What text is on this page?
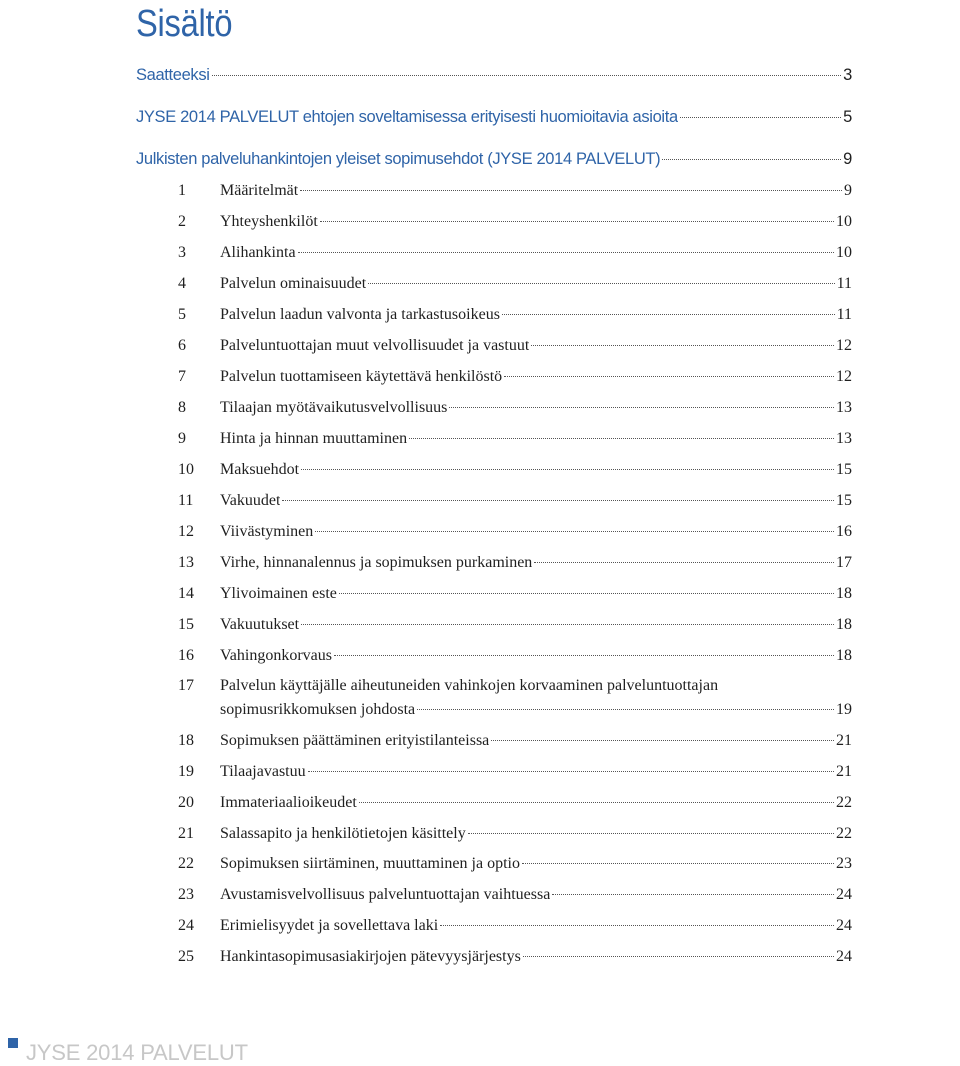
Sisältö
Saatteeksi	3
JYSE 2014 PALVELUT ehtojen soveltamisessa erityisesti huomioitavia asioita	5
Julkisten palveluhankintojen yleiset sopimusehdot (JYSE 2014 PALVELUT)	9
1	Määritelmät	9
2	Yhteyshenkilöt	10
3	Alihankinta	10
4	Palvelun ominaisuudet	11
5	Palvelun laadun valvonta ja tarkastusoikeus	11
6	Palveluntuottajan muut velvollisuudet ja vastuut	12
7	Palvelun tuottamiseen käytettävä henkilöstö	12
8	Tilaajan myötävaikutusvelvollisuus	13
9	Hinta ja hinnan muuttaminen	13
10	Maksuehdot	15
11	Vakuudet	15
12	Viivästyminen	16
13	Virhe, hinnanalennus ja sopimuksen purkaminen	17
14	Ylivoimainen este	18
15	Vakuutukset	18
16	Vahingonkorvaus	18
17	Palvelun käyttäjälle aiheutuneiden vahinkojen korvaaminen palveluntuottajan
sopimusrikkomuksen johdosta	19
18	Sopimuksen päättäminen erityistilanteissa	21
19	Tilaajavastuu	21
20	Immateriaalioikeudet	22
21	Salassapito ja henkilötietojen käsittely	22
22	Sopimuksen siirtäminen, muuttaminen ja optio	23
23	Avustamisvelvollisuus palveluntuottajan vaihtuessa	24
24	Erimielisyydet ja sovellettava laki	24
25	Hankintasopimusasiakirjojen pätevyysjärjestys	24
JYSE 2014 PALVELUT
